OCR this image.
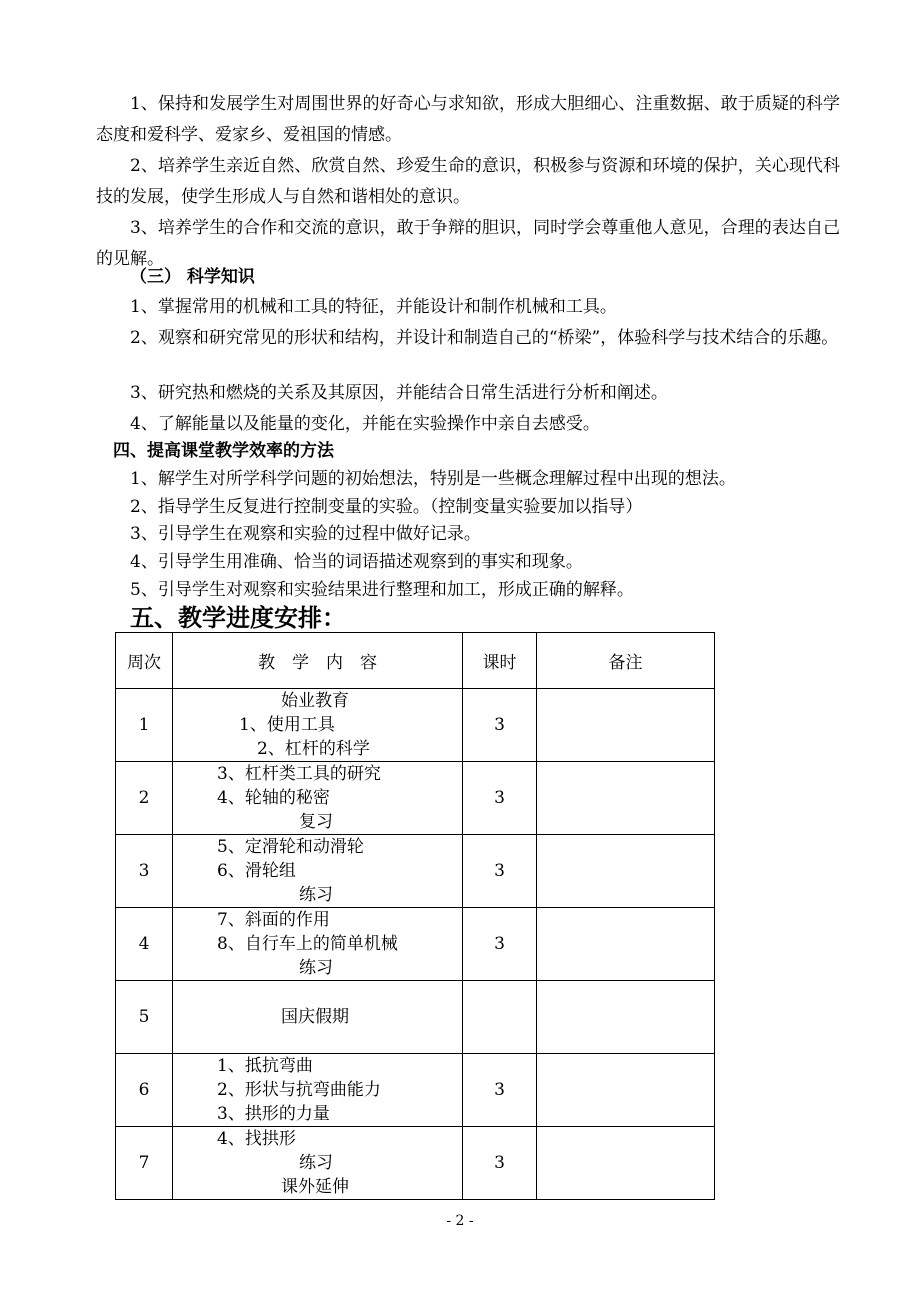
1、保持和发展学生对周围世界的好奇心与求知欲，形成大胆细心、注重数据、敢于质疑的科学态度和爱科学、爱家乡、爱祖国的情感。

2、培养学生亲近自然、欣赏自然、珍爱生命的意识，积极参与资源和环境的保护，关心现代科技的发展，使学生形成人与自然和谐相处的意识。

3、培养学生的合作和交流的意识，敢于争辩的胆识，同时学会尊重他人意见，合理的表达自己的见解。

（三） 科学知识

1、掌握常用的机械和工具的特征，并能设计和制作机械和工具。

2、观察和研究常见的形状和结构，并设计和制造自己的“桥梁”，体验科学与技术结合的乐趣。

3、研究热和燃烧的关系及其原因，并能结合日常生活进行分析和阐述。

4、了解能量以及能量的变化，并能在实验操作中亲自去感受。

四、提高课堂教学效率的方法

1、解学生对所学科学问题的初始想法，特别是一些概念理解过程中出现的想法。

2、指导学生反复进行控制变量的实验。（控制变量实验要加以指导）

3、引导学生在观察和实验的过程中做好记录。

4、引导学生用准确、恰当的词语描述观察到的事实和现象。

5、引导学生对观察和实验结果进行整理和加工，形成正确的解释。

五、教学进度安排：
周次	教　学　内　容	课时	备注
1	始业教育
1、使用工具
2、杠杆的科学	3	
2	3、杠杆类工具的研究
4、轮轴的秘密
复习	3	
3	5、定滑轮和动滑轮
6、滑轮组
练习	3	
4	7、斜面的作用
8、自行车上的简单机械
练习	3	
5	国庆假期		

6	1、抵抗弯曲
2、形状与抗弯曲能力
3、拱形的力量	3	
7	4、找拱形
练习
课外延伸	3	
- 2 -
